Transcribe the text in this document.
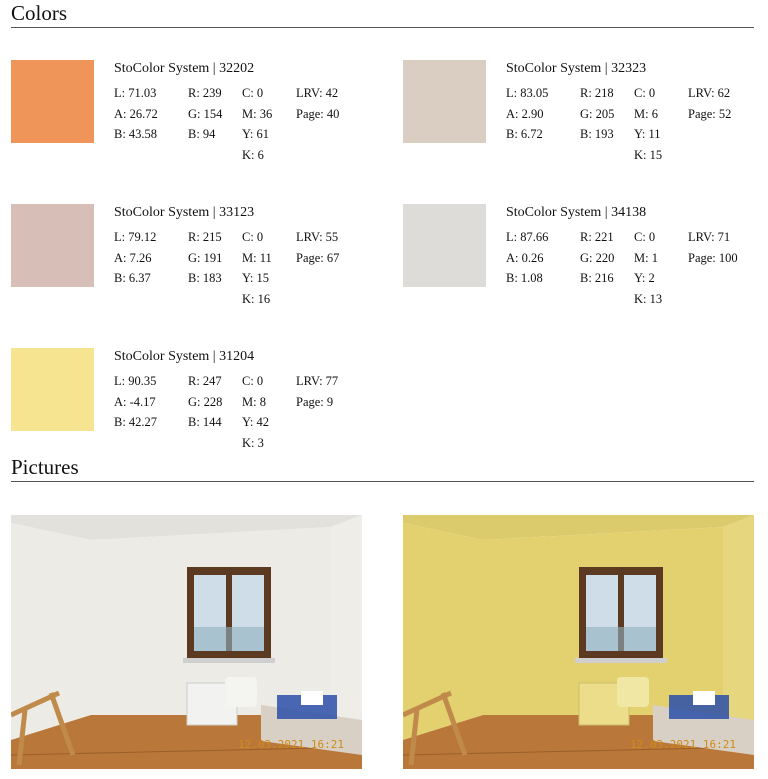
Colors
StoColor System | 32202
L: 71.03
A: 26.72
B: 43.58
R: 239
G: 154
B: 94
C: 0
M: 36
Y: 61
K: 6
LRV: 42
Page: 40
StoColor System | 32323
L: 83.05
A: 2.90
B: 6.72
R: 218
G: 205
B: 193
C: 0
M: 6
Y: 11
K: 15
LRV: 62
Page: 52
StoColor System | 33123
L: 79.12
A: 7.26
B: 6.37
R: 215
G: 191
B: 183
C: 0
M: 11
Y: 15
K: 16
LRV: 55
Page: 67
StoColor System | 34138
L: 87.66
A: 0.26
B: 1.08
R: 221
G: 220
B: 216
C: 0
M: 1
Y: 2
K: 13
LRV: 71
Page: 100
StoColor System | 31204
L: 90.35
A: -4.17
B: 42.27
R: 247
G: 228
B: 144
C: 0
M: 8
Y: 42
K: 3
LRV: 77
Page: 9
Pictures
12.03.2021 16:21	12.03.2021 16:21
